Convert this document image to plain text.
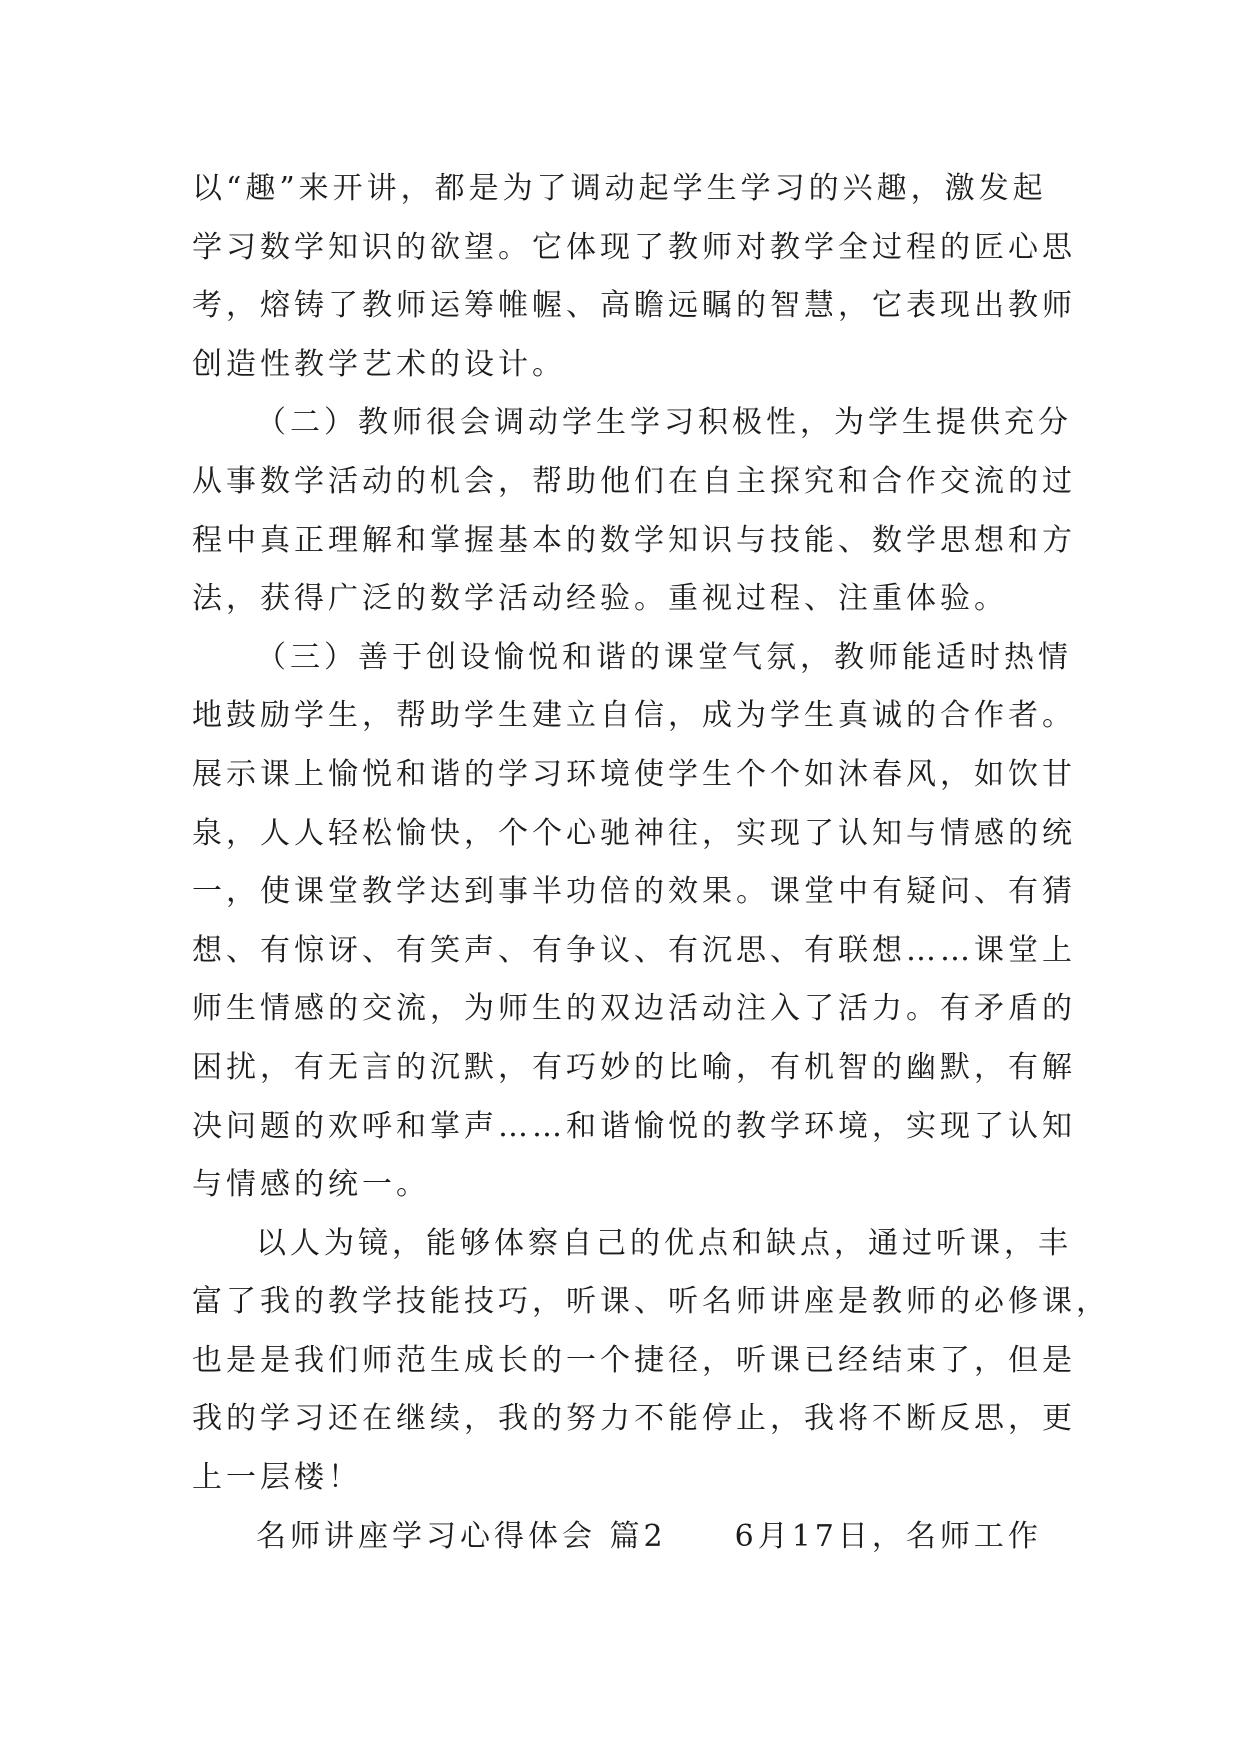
以“趣”来开讲，都是为了调动起学生学习的兴趣，激发起
学习数学知识的欲望。它体现了教师对教学全过程的匠心思
考，熔铸了教师运筹帷幄、高瞻远瞩的智慧，它表现出教师
创造性教学艺术的设计。
（二）教师很会调动学生学习积极性，为学生提供充分
从事数学活动的机会，帮助他们在自主探究和合作交流的过
程中真正理解和掌握基本的数学知识与技能、数学思想和方
法，获得广泛的数学活动经验。重视过程、注重体验。
（三）善于创设愉悦和谐的课堂气氛，教师能适时热情
地鼓励学生，帮助学生建立自信，成为学生真诚的合作者。
展示课上愉悦和谐的学习环境使学生个个如沐春风，如饮甘
泉，人人轻松愉快，个个心驰神往，实现了认知与情感的统
一，使课堂教学达到事半功倍的效果。课堂中有疑问、有猜
想、有惊讶、有笑声、有争议、有沉思、有联想……课堂上
师生情感的交流，为师生的双边活动注入了活力。有矛盾的
困扰，有无言的沉默，有巧妙的比喻，有机智的幽默，有解
决问题的欢呼和掌声……和谐愉悦的教学环境，实现了认知
与情感的统一。
以人为镜，能够体察自己的优点和缺点，通过听课，丰
富了我的教学技能技巧，听课、听名师讲座是教师的必修课，
也是是我们师范生成长的一个捷径，听课已经结束了，但是
我的学习还在继续，我的努力不能停止，我将不断反思，更
上一层楼！
名师讲座学习心得体会 篇2　　6月17日，名师工作
